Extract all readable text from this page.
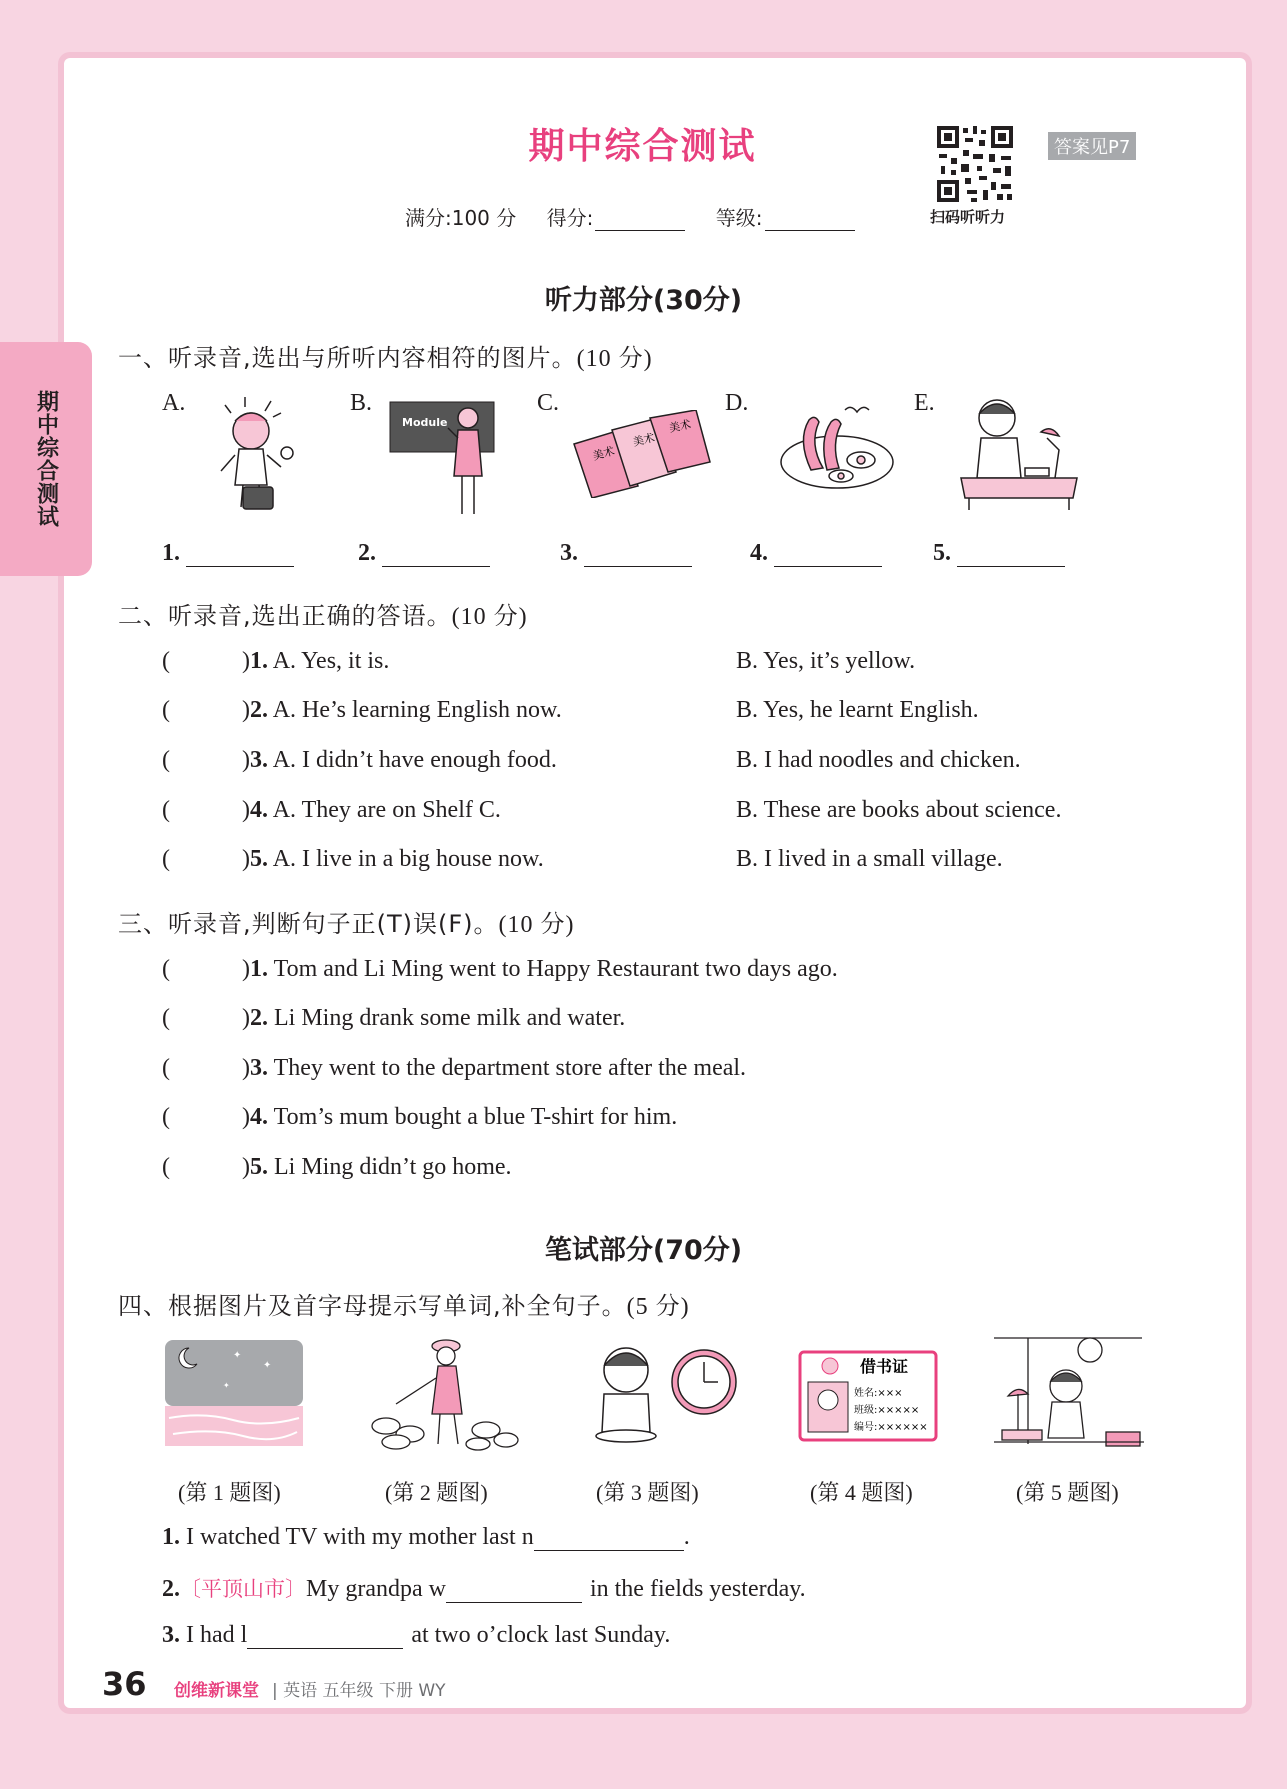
期中综合测试
期中综合测试
满分:100 分 得分:	等级:	扫码听听力
答案见P7
听力部分(30分)
一、听录音,选出与所听内容相符的图片。(10 分)
A.	B.	C.	D.	E.
Module
美术
美术
美术
1.	2.	3.	4.	5.
二、听录音,选出正确的答语。(10 分)
(	)1. A. Yes, it is.	B. Yes, it’s yellow.
(	)2. A. He’s learning English now.	B. Yes, he learnt English.
(	)3. A. I didn’t have enough food.	B. I had noodles and chicken.
(	)4. A. They are on Shelf C.	B. These are books about science.
(	)5. A. I live in a big house now.	B. I lived in a small village.
三、听录音,判断句子正(T)误(F)。(10 分)
(	)1. Tom and Li Ming went to Happy Restaurant two days ago.
(	)2. Li Ming drank some milk and water.
(	)3. They went to the department store after the meal.
(	)4. Tom’s mum bought a blue T-shirt for him.
(	)5. Li Ming didn’t go home.
笔试部分(70分)
四、根据图片及首字母提示写单词,补全句子。(5 分)
✦
✦
✦
借书证
姓名:×××
班级:×××××
编号:××××××
(第 1 题图)	(第 2 题图)	(第 3 题图)	(第 4 题图)	(第 5 题图)
1. I watched TV with my mother last n	.
2.〔平顶山市〕My grandpa w	in the fields yesterday.
3. I had l	at two o’clock last Sunday.
36 创维新课堂 | 英语 五年级 下册 WY
